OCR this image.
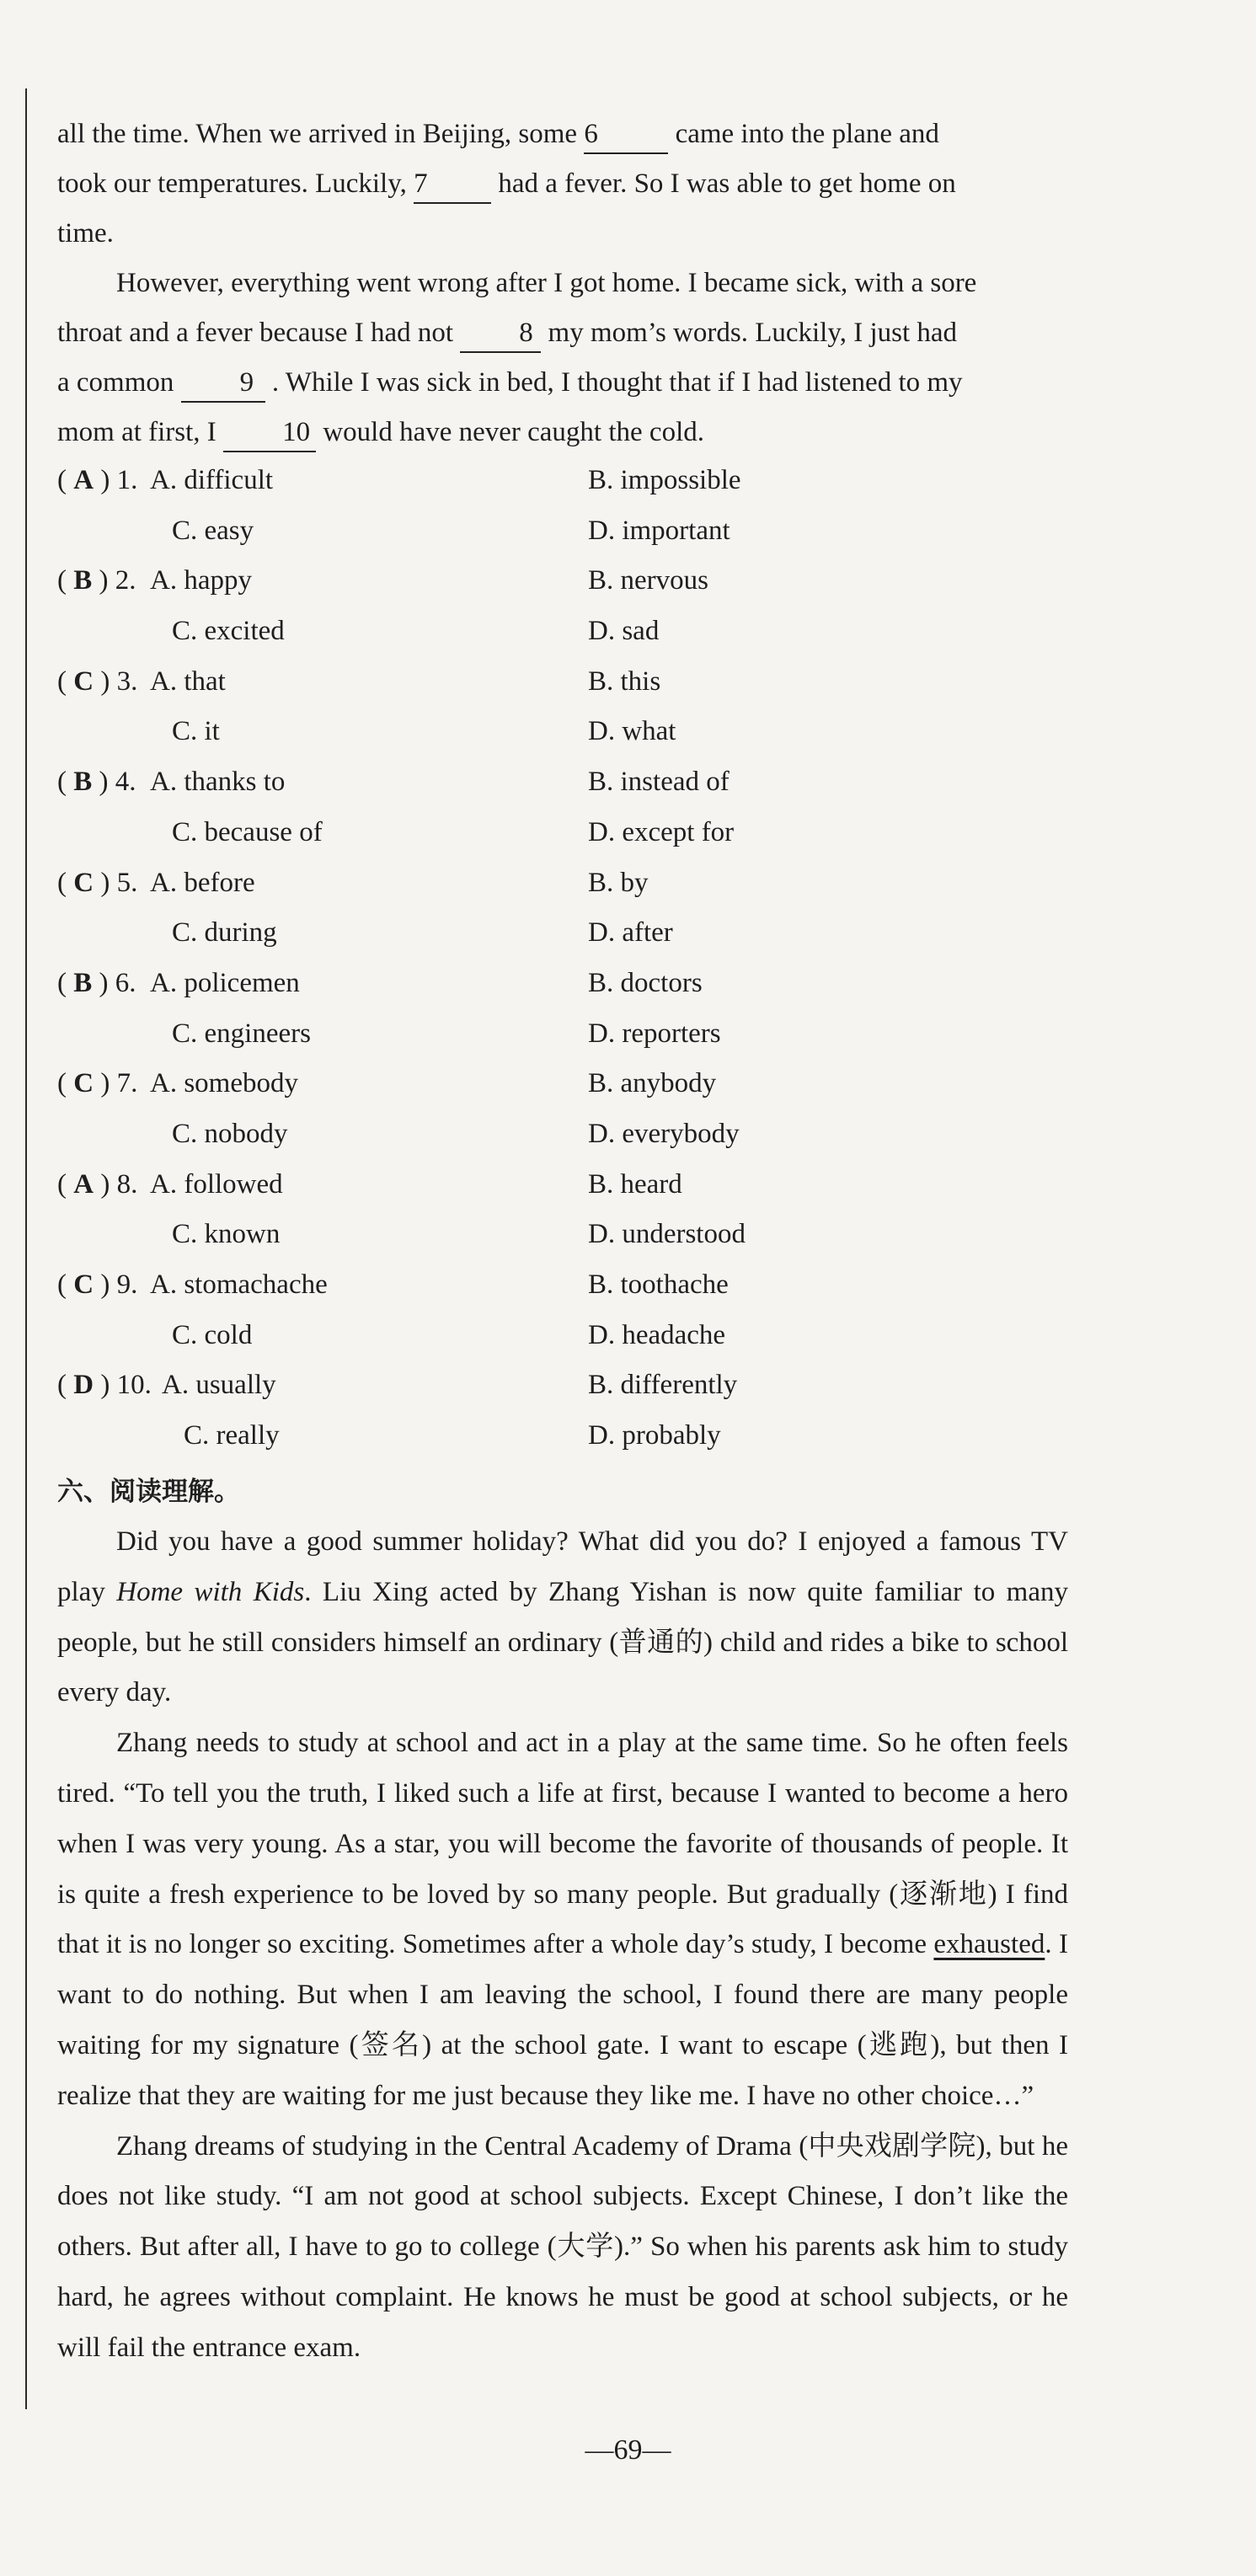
all the time. When we arrived in Beijing, some 6	came into the plane and
took our temperatures. Luckily, 7 had a fever. So I was able to get home on
time.

However, everything went wrong after I got home. I became sick, with a sore
throat and a fever because I had not 8 my mom’s words. Luckily, I just had
a common 9 . While I was sick in bed, I thought that if I had listened to my
mom at first, I 10 would have never caught the cold.

( A ) 1. A. difficult	B. impossible
C. easy	D. important
( B ) 2. A. happy	B. nervous
C. excited	D. sad
( C ) 3. A. that	B. this
C. it	D. what
( B ) 4. A. thanks to	B. instead of
C. because of	D. except for
( C ) 5. A. before	B. by
C. during	D. after
( B ) 6. A. policemen	B. doctors
C. engineers	D. reporters
( C ) 7. A. somebody	B. anybody
C. nobody	D. everybody
( A ) 8. A. followed	B. heard
C. known	D. understood
( C ) 9. A. stomachache	B. toothache
C. cold	D. headache
( D ) 10. A. usually	B. differently
C. really	D. probably
六、阅读理解。

Did you have a good summer holiday? What did you do? I enjoyed a famous TV play Home with Kids. Liu Xing acted by Zhang Yishan is now quite familiar to many people, but he still considers himself an ordinary (普通的) child and rides a bike to school every day.

Zhang needs to study at school and act in a play at the same time. So he often feels tired. “To tell you the truth, I liked such a life at first, because I wanted to become a hero when I was very young. As a star, you will become the favorite of thousands of people. It is quite a fresh experience to be loved by so many people. But gradually (逐渐地) I find that it is no longer so exciting. Sometimes after a whole day’s study, I become exhausted. I want to do nothing. But when I am leaving the school, I found there are many people waiting for my signature (签名) at the school gate. I want to escape (逃跑), but then I realize that they are waiting for me just because they like me. I have no other choice…”

Zhang dreams of studying in the Central Academy of Drama (中央戏剧学院), but he does not like study. “I am not good at school subjects. Except Chinese, I don’t like the others. But after all, I have to go to college (大学).” So when his parents ask him to study hard, he agrees without complaint. He knows he must be good at school subjects, or he will fail the entrance exam.

—69—
